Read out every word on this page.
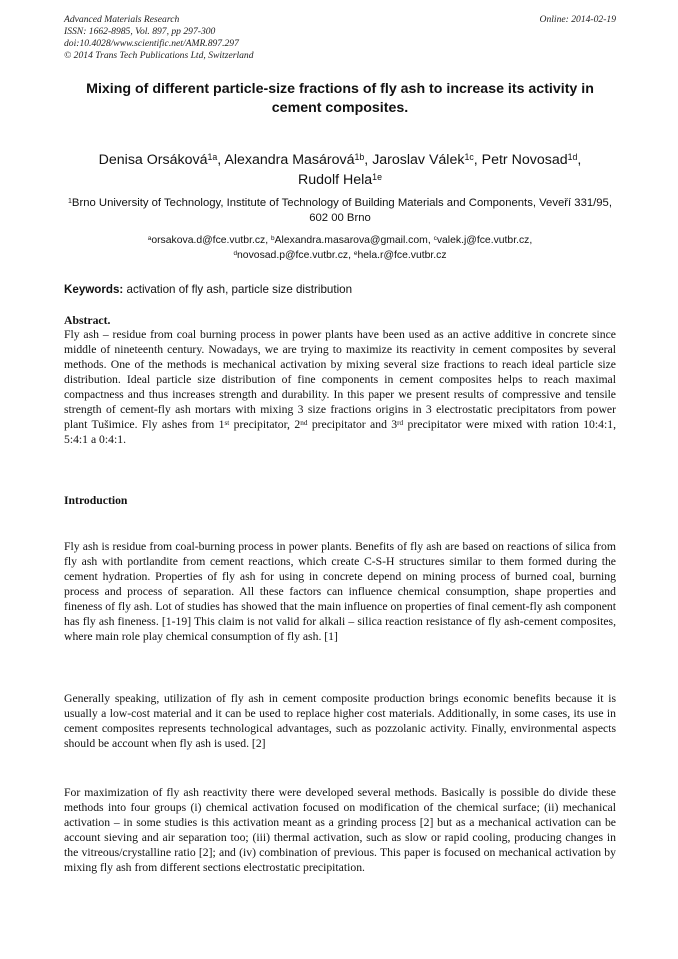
Advanced Materials Research
ISSN: 1662-8985, Vol. 897, pp 297-300
doi:10.4028/www.scientific.net/AMR.897.297
© 2014 Trans Tech Publications Ltd, Switzerland
Online: 2014-02-19
Mixing of different particle-size fractions of fly ash to increase its activity in cement composites.

Denisa Orsáková$^{1a}$, Alexandra Masárová$^{1b}$, Jaroslav Válek$^{1c}$, Petr Novosad$^{1d}$,
Rudolf Hela$^{1e}$

$^1$Brno University of Technology, Institute of Technology of Building Materials and Components, Veveří 331/95, 602 00 Brno

$^a$orsakova.d@fce.vutbr.cz, $^b$Alexandra.masarova@gmail.com, $^c$valek.j@fce.vutbr.cz,
$^d$novosad.p@fce.vutbr.cz, $^e$hela.r@fce.vutbr.cz

Keywords: activation of fly ash, particle size distribution

Abstract.

Fly ash – residue from coal burning process in power plants have been used as an active additive in concrete since middle of nineteenth century. Nowadays, we are trying to maximize its reactivity in cement composites by several methods. One of the methods is mechanical activation by mixing several size fractions to reach ideal particle size distribution. Ideal particle size distribution of fine components in cement composites helps to reach maximal compactness and thus increases strength and durability. In this paper we present results of compressive and tensile strength of cement-fly ash mortars with mixing 3 size fractions origins in 3 electrostatic precipitators from power plant Tušimice. Fly ashes from 1st precipitator, 2nd precipitator and 3rd precipitator were mixed with ration 10:4:1, 5:4:1 a 0:4:1.

Introduction

Fly ash is residue from coal-burning process in power plants. Benefits of fly ash are based on reactions of silica from fly ash with portlandite from cement reactions, which create C-S-H structures similar to them formed during the cement hydration. Properties of fly ash for using in concrete depend on mining process of burned coal, burning process and process of separation. All these factors can influence chemical consumption, shape properties and fineness of fly ash. Lot of studies has showed that the main influence on properties of final cement-fly ash component has fly ash fineness. [1-19] This claim is not valid for alkali – silica reaction resistance of fly ash-cement composites, where main role play chemical consumption of fly ash. [1]

Generally speaking, utilization of fly ash in cement composite production brings economic benefits because it is usually a low-cost material and it can be used to replace higher cost materials. Additionally, in some cases, its use in cement composites represents technological advantages, such as pozzolanic activity. Finally, environmental aspects should be account when fly ash is used. [2]

For maximization of fly ash reactivity there were developed several methods. Basically is possible do divide these methods into four groups (i) chemical activation focused on modification of the chemical surface; (ii) mechanical activation – in some studies is this activation meant as a grinding process [2] but as a mechanical activation can be account sieving and air separation too; (iii) thermal activation, such as slow or rapid cooling, producing changes in the vitreous/crystalline ratio [2]; and (iv) combination of previous. This paper is focused on mechanical activation by mixing fly ash from different sections electrostatic precipitation.
